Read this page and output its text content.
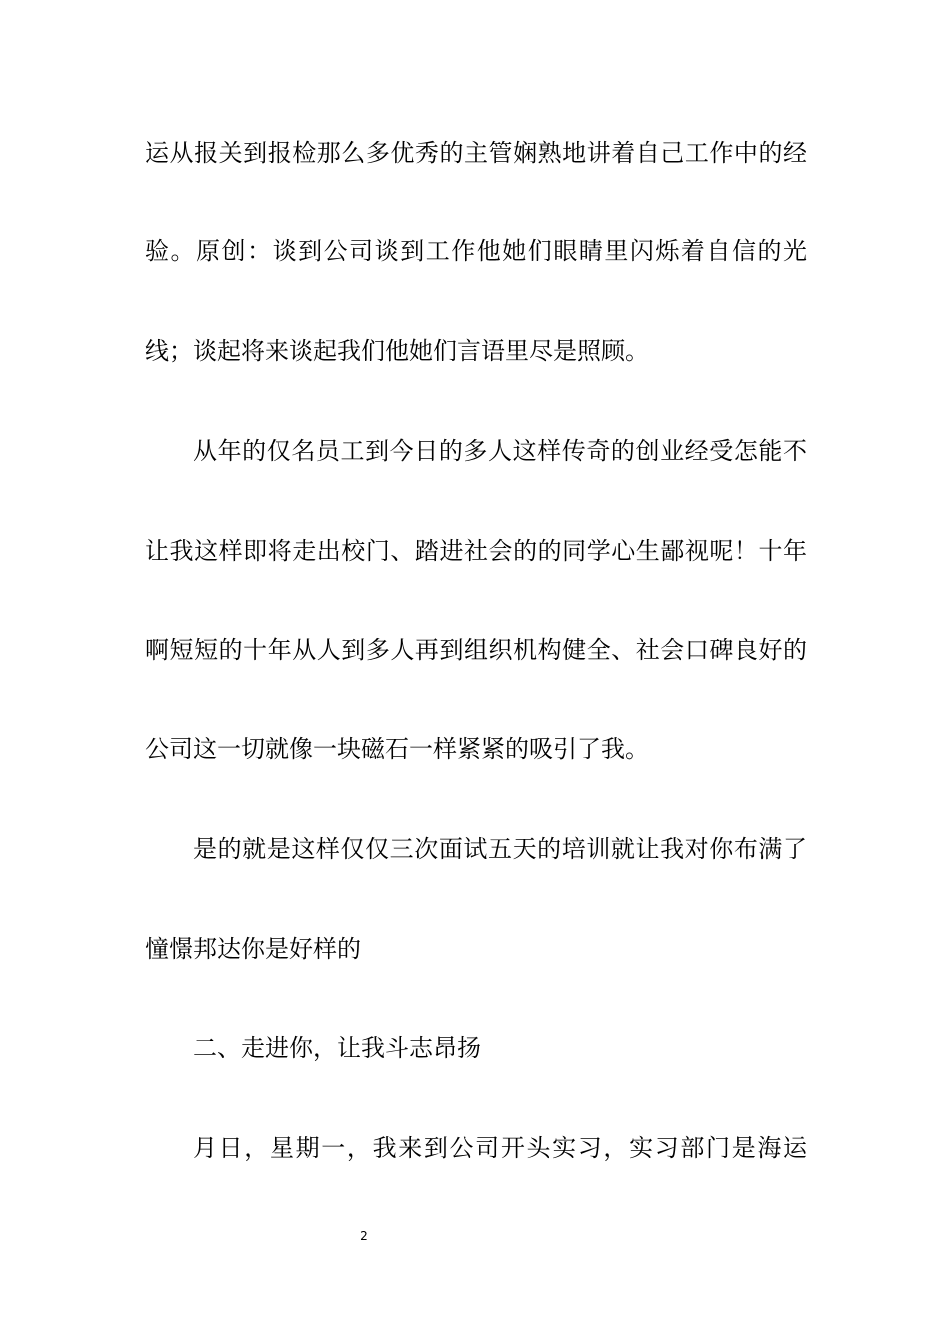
运从报关到报检那么多优秀的主管娴熟地讲着自己工作中的经
验。原创：谈到公司谈到工作他她们眼睛里闪烁着自信的光
线；谈起将来谈起我们他她们言语里尽是照顾。
从年的仅名员工到今日的多人这样传奇的创业经受怎能不
让我这样即将走出校门、踏进社会的的同学心生鄙视呢！十年
啊短短的十年从人到多人再到组织机构健全、社会口碑良好的
公司这一切就像一块磁石一样紧紧的吸引了我。
是的就是这样仅仅三次面试五天的培训就让我对你布满了
憧憬邦达你是好样的
二、走进你，让我斗志昂扬
月日，星期一，我来到公司开头实习，实习部门是海运
2
